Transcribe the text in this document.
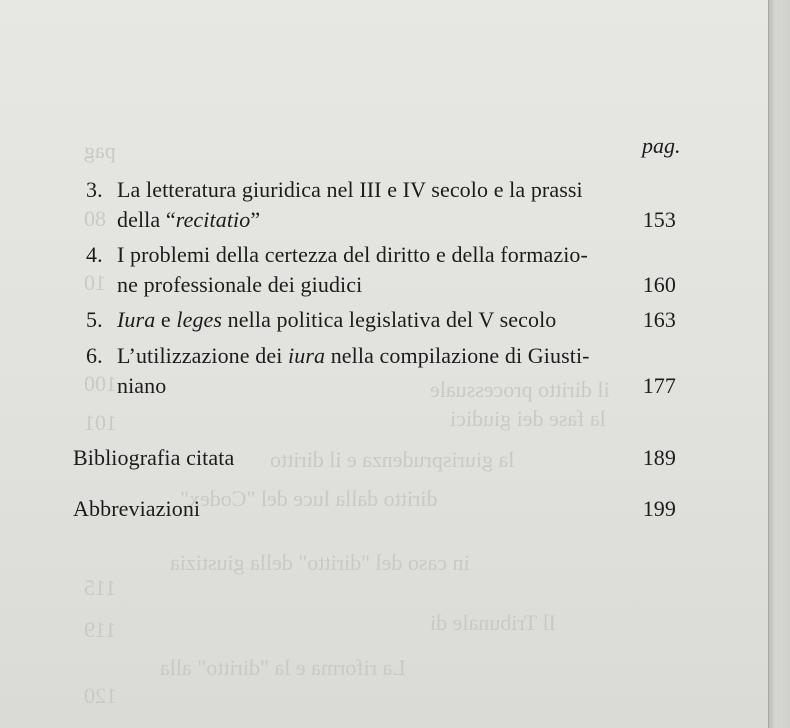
pag
80
10
100
101
115
119
120
il diritto processuale
la fase dei giudici
la giurisprudenza e il diritto
diritto dalla luce del "Codex"
in caso del "diritto" della giustizia
Il Tribunale di
La riforma e la "diritto" alla
pag.
3. La letteratura giuridica nel III e IV secolo e la prassi
della “recitatio”	153
4. I problemi della certezza del diritto e della formazio-
ne professionale dei giudici	160
5. Iura e leges nella politica legislativa del V secolo	163
6. L’utilizzazione dei iura nella compilazione di Giusti-
niano	177
Bibliografia citata	189
Abbreviazioni	199
